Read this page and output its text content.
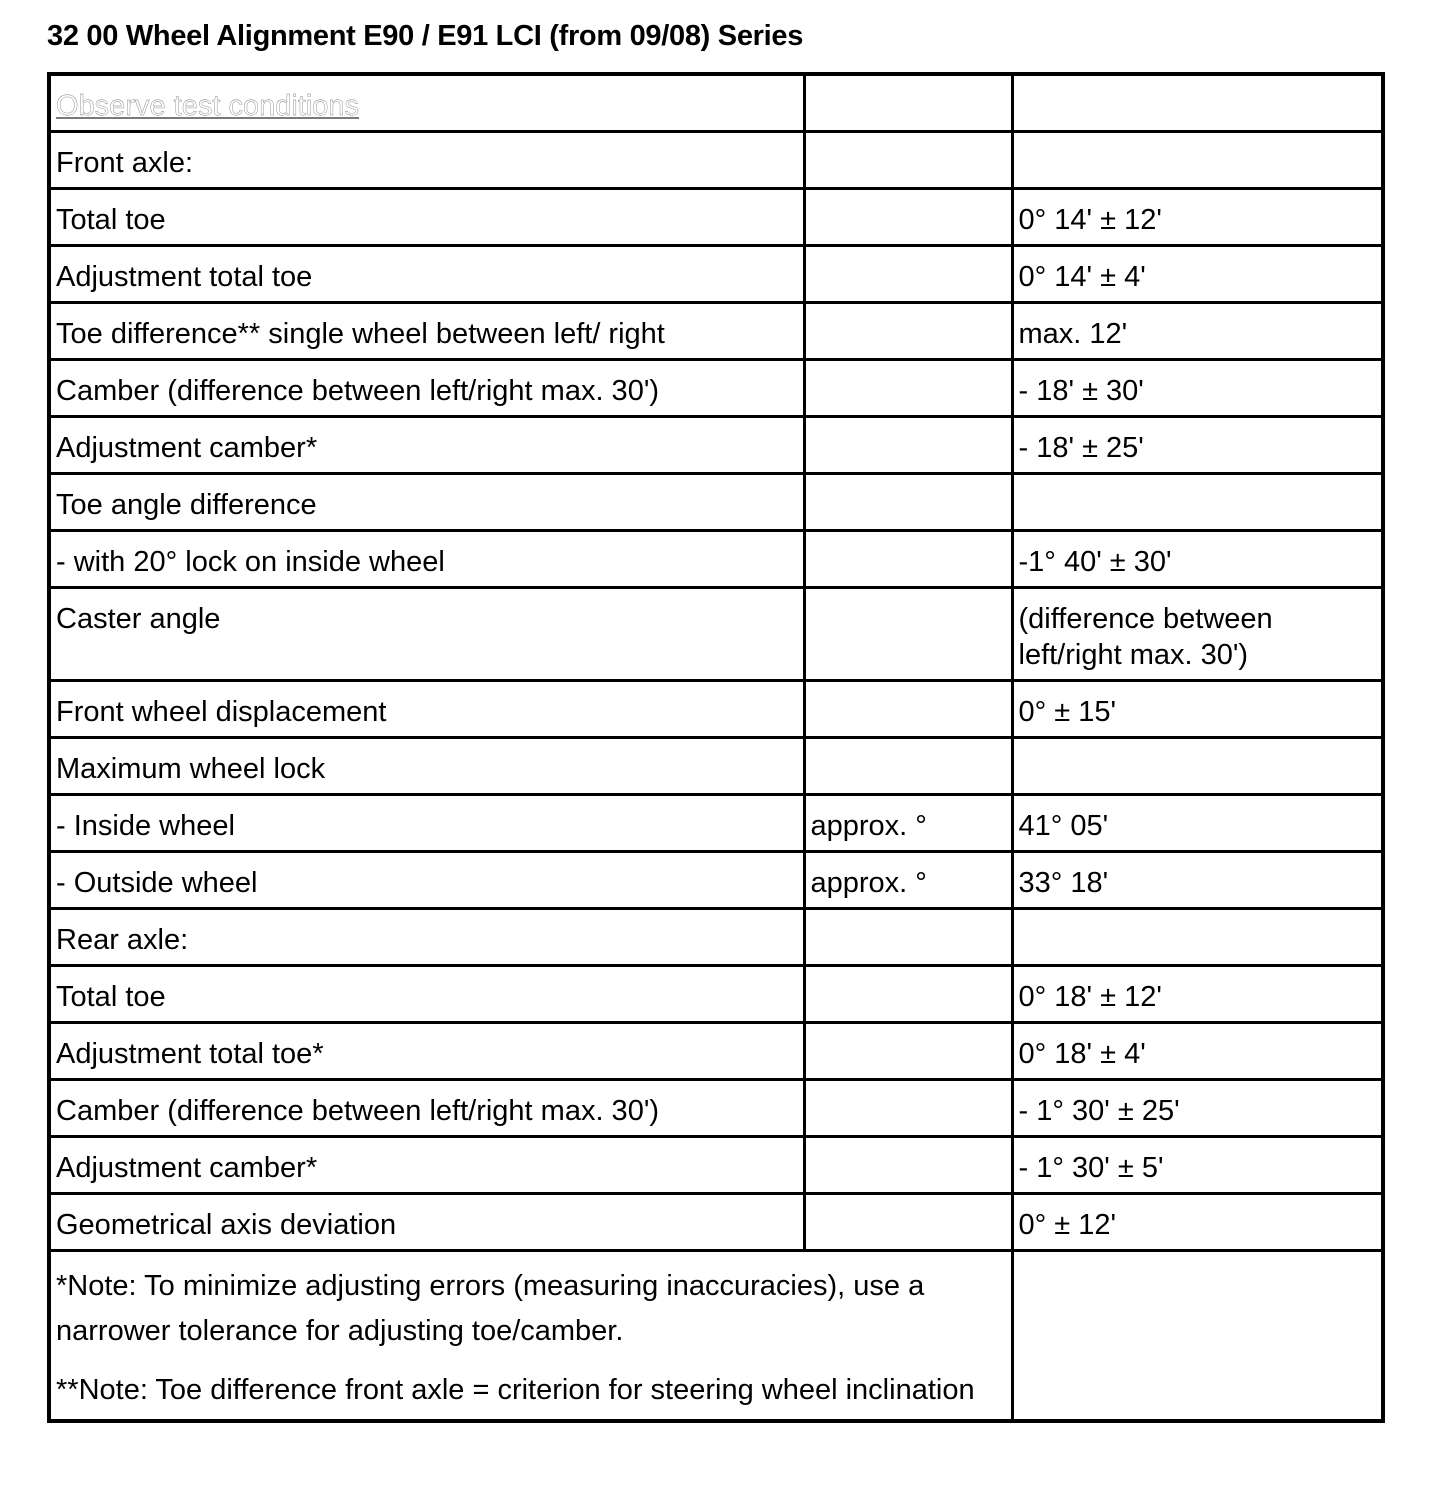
32 00 Wheel Alignment E90 / E91 LCI (from 09/08) Series
Observe test conditions		
Front axle:		
Total toe		0° 14' ± 12'
Adjustment total toe		0° 14' ± 4'
Toe difference** single wheel between left/ right		max. 12'
Camber (difference between left/right max. 30')		- 18' ± 30'
Adjustment camber*		- 18' ± 25'
Toe angle difference		
- with 20° lock on inside wheel		-1° 40' ± 30'
Caster angle		(difference between left/right max. 30')
Front wheel displacement		0° ± 15'
Maximum wheel lock		
- Inside wheel	approx. °	41° 05'
- Outside wheel	approx. °	33° 18'
Rear axle:		
Total toe		0° 18' ± 12'
Adjustment total toe*		0° 18' ± 4'
Camber (difference between left/right max. 30')		- 1° 30' ± 25'
Adjustment camber*		- 1° 30' ± 5'
Geometrical axis deviation		0° ± 12'

*Note: To minimize adjusting errors (measuring inaccuracies), use a narrower tolerance for adjusting toe/camber.
**Note: Toe difference front axle = criterion for steering wheel inclination		
